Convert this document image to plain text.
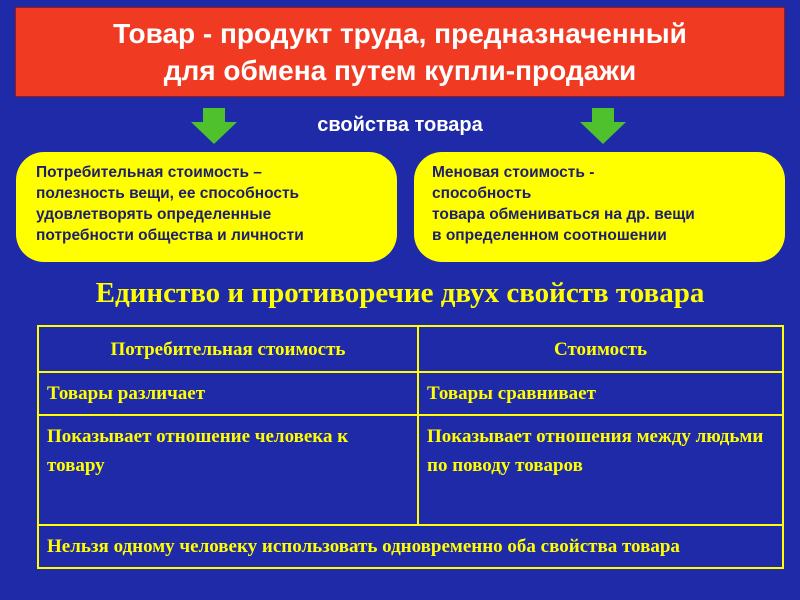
Товар - продукт труда, предназначенный
для обмена путем купли-продажи
свойства товара
Потребительная стоимость –
полезность вещи, ее способность
удовлетворять определенные
потребности общества и личности
Меновая стоимость -
способность
товара обмениваться на др. вещи
в определенном соотношении
Единство и противоречие двух свойств товара
Потребительная стоимость	Стоимость
Товары различает	Товары сравнивает
Показывает отношение человека к товару	Показывает отношения между людьми по поводу товаров
Нельзя одному человеку использовать одновременно оба свойства товара	
